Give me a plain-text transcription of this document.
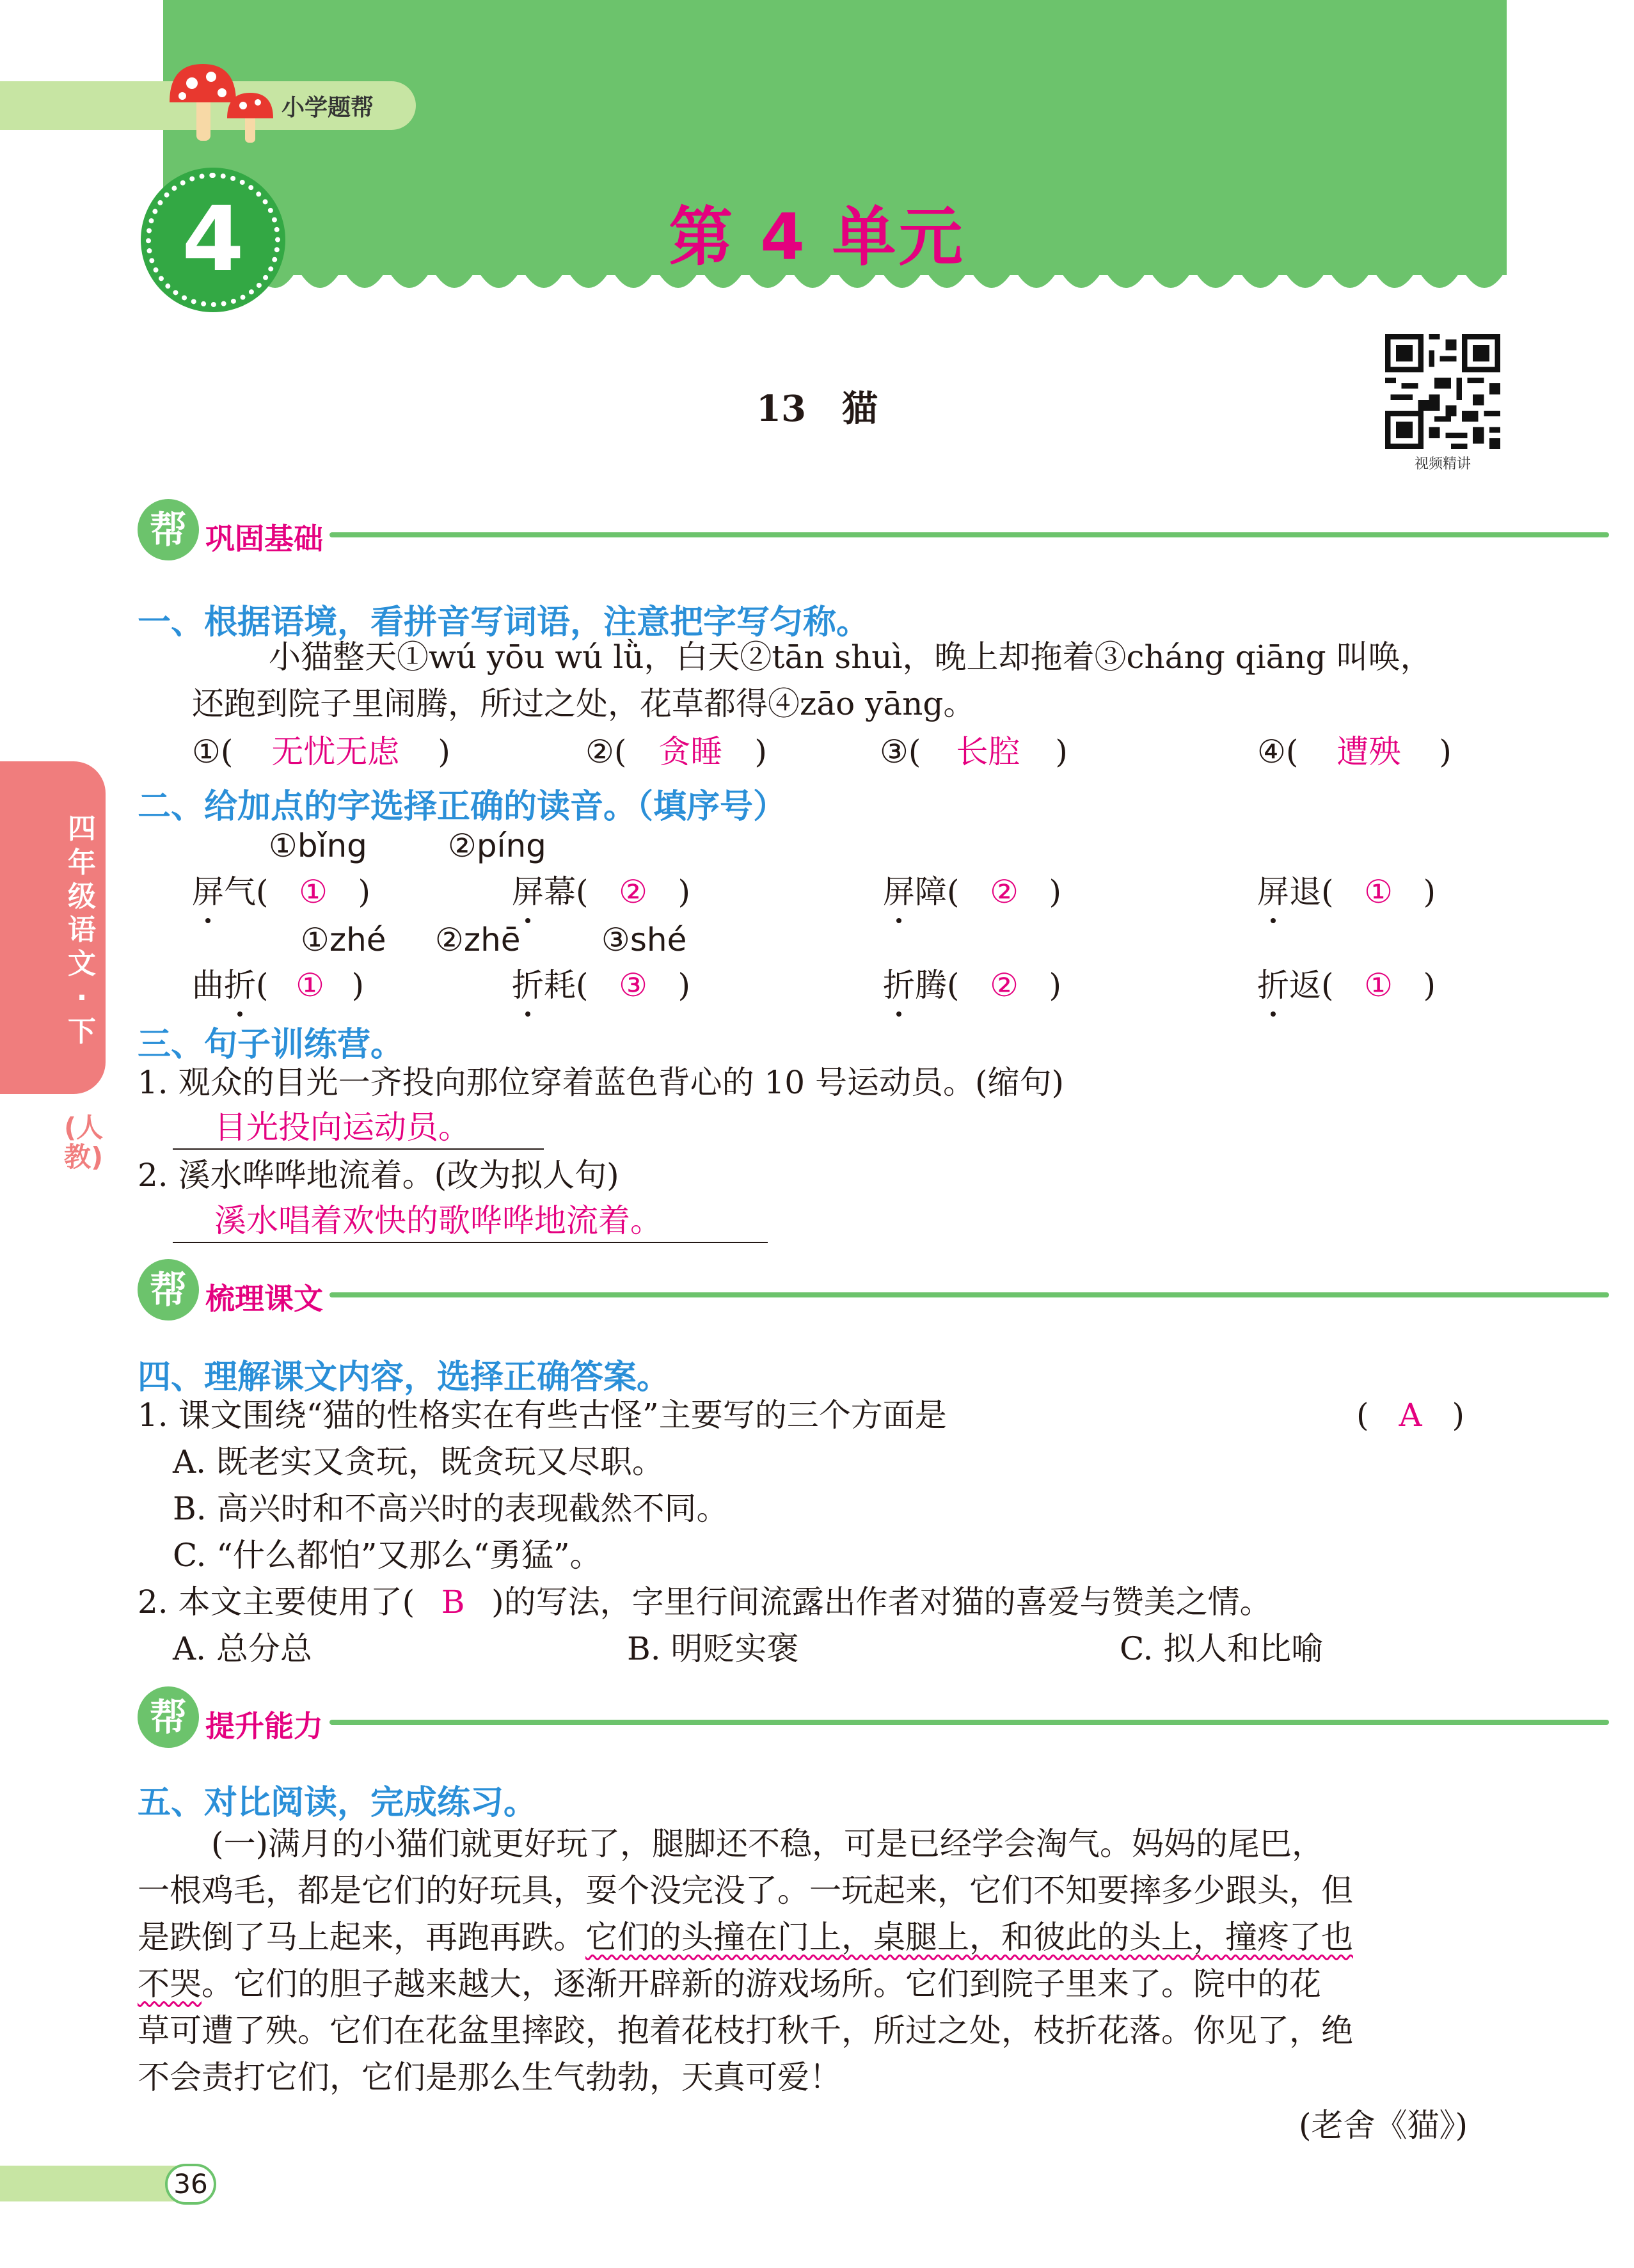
小学题帮
4	第 4 单元
13　猫
视频精讲
四年级语文·下
(人教)
帮 巩固基础
一、根据语境，看拼音写词语，注意把字写匀称。
小猫整天①wú yōu wú lǜ，白天②tān shuì，晚上却拖着③cháng qiāng 叫唤，
还跑到院子里闹腾，所过之处，花草都得④zāo yāng。
①( 无忧无虑 )	②( 贪睡 )	③( 长腔 )	④( 遭殃 )
二、给加点的字选择正确的读音。（填序号）
①bǐng	②píng
屏气( ① )	屏幕( ② )	屏障( ② )	屏退( ① )
①zhé ②zhē	③shé
曲折( ① )	折耗( ③ )	折腾( ② )	折返( ① )
三、句子训练营。
1. 观众的目光一齐投向那位穿着蓝色背心的 10 号运动员。(缩句)
目光投向运动员。
2. 溪水哗哗地流着。(改为拟人句)
溪水唱着欢快的歌哗哗地流着。
帮 梳理课文
四、理解课文内容，选择正确答案。
1. 课文围绕“猫的性格实在有些古怪”主要写的三个方面是	( A )
A. 既老实又贪玩，既贪玩又尽职。
B. 高兴时和不高兴时的表现截然不同。
C. “什么都怕”又那么“勇猛”。
2. 本文主要使用了( B )的写法，字里行间流露出作者对猫的喜爱与赞美之情。
A. 总分总	B. 明贬实褒	C. 拟人和比喻
帮 提升能力
五、对比阅读，完成练习。
(一)满月的小猫们就更好玩了，腿脚还不稳，可是已经学会淘气。妈妈的尾巴，
一根鸡毛，都是它们的好玩具，耍个没完没了。一玩起来，它们不知要摔多少跟头，但
是跌倒了马上起来，再跑再跌。它们的头撞在门上，桌腿上，和彼此的头上，撞疼了也
不哭。它们的胆子越来越大，逐渐开辟新的游戏场所。它们到院子里来了。院中的花
草可遭了殃。它们在花盆里摔跤，抱着花枝打秋千，所过之处，枝折花落。你见了，绝
不会责打它们，它们是那么生气勃勃，天真可爱！
(老舍《猫》)
36
